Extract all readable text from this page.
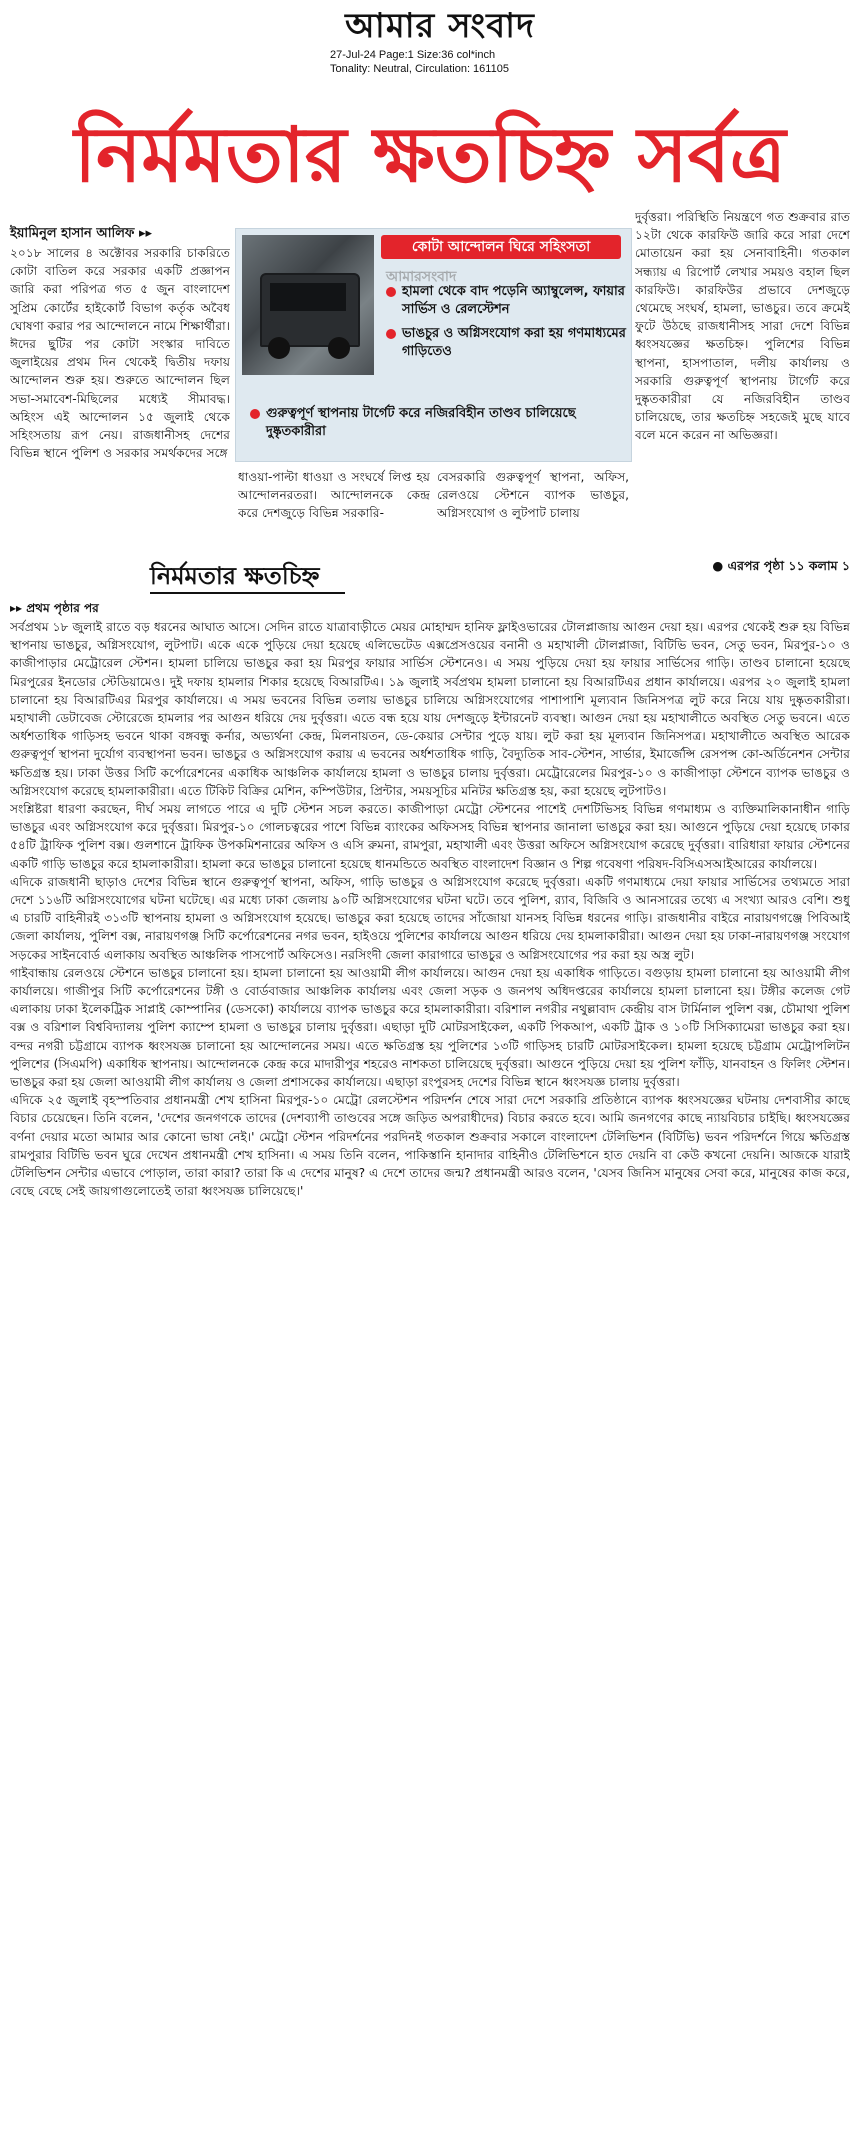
আমার সংবাদ
27-Jul-24 Page:1 Size:36 col*inch
Tonality: Neutral, Circulation: 161105
নির্মমতার ক্ষতচিহ্ন সর্বত্র
ইয়ামিনুল হাসান আলিফ ▸▸

২০১৮ সালের ৪ অক্টোবর সরকারি চাকরিতে কোটা বাতিল করে সরকার একটি প্রজ্ঞাপন জারি করা পরিপত্র গত ৫ জুন বাংলাদেশ সুপ্রিম কোর্টের হাইকোর্ট বিভাগ কর্তৃক অবৈধ ঘোষণা করার পর আন্দোলনে নামে শিক্ষার্থীরা। ঈদের ছুটির পর কোটা সংস্কার দাবিতে জুলাইয়ের প্রথম দিন থেকেই দ্বিতীয় দফায় আন্দোলন শুরু হয়। শুরুতে আন্দোলন ছিল সভা-সমাবেশ-মিছিলের মধ্যেই সীমাবদ্ধ। অহিংস এই আন্দোলন ১৫ জুলাই থেকে সহিংসতায় রূপ নেয়। রাজধানীসহ দেশের বিভিন্ন স্থানে পুলিশ ও সরকার সমর্থকদের সঙ্গে

কোটা আন্দোলন ঘিরে সহিংসতা
আমারসংবাদ
হামলা থেকে বাদ পড়েনি অ্যাম্বুলেন্স, ফায়ার সার্ভিস ও রেলস্টেশন
ভাঙচুর ও অগ্নিসংযোগ করা হয় গণমাধ্যমের গাড়িতেও
গুরুত্বপূর্ণ স্থাপনায় টার্গেট করে নজিরবিহীন তাণ্ডব চালিয়েছে দুষ্কৃতকারীরা

ধাওয়া-পাল্টা ধাওয়া ও সংঘর্ষে লিপ্ত হয় আন্দোলনরতরা। আন্দোলনকে কেন্দ্র করে দেশজুড়ে বিভিন্ন সরকারি-

বেসরকারি গুরুত্বপূর্ণ স্থাপনা, অফিস, রেলওয়ে স্টেশনে ব্যাপক ভাঙচুর, অগ্নিসংযোগ ও লুটপাট চালায়

দুর্বৃত্তরা। পরিস্থিতি নিয়ন্ত্রণে গত শুক্রবার রাত ১২টা থেকে কারফিউ জারি করে সারা দেশে মোতায়েন করা হয় সেনাবাহিনী। গতকাল সন্ধ্যায় এ রিপোর্ট লেখার সময়ও বহাল ছিল কারফিউ। কারফিউর প্রভাবে দেশজুড়ে থেমেছে সংঘর্ষ, হামলা, ভাঙচুর। তবে ক্রমেই ফুটে উঠছে রাজধানীসহ সারা দেশে বিভিন্ন ধ্বংসযজ্ঞের ক্ষতচিহ্ন। পুলিশের বিভিন্ন স্থাপনা, হাসপাতাল, দলীয় কার্যালয় ও সরকারি গুরুত্বপূর্ণ স্থাপনায় টার্গেট করে দুষ্কৃতকারীরা যে নজিরবিহীন তাণ্ডব চালিয়েছে, তার ক্ষতচিহ্ন সহজেই মুছে যাবে বলে মনে করেন না অভিজ্ঞরা।

● এরপর পৃষ্ঠা ১১ কলাম ১
নির্মমতার ক্ষতচিহ্ন
▸▸ প্রথম পৃষ্ঠার পর

সর্বপ্রথম ১৮ জুলাই রাতে বড় ধরনের আঘাত আসে। সেদিন রাতে যাত্রাবাড়ীতে মেয়র মোহাম্মদ হানিফ ফ্লাইওভারের টোলপ্লাজায় আগুন দেয়া হয়। এরপর থেকেই শুরু হয় বিভিন্ন স্থাপনায় ভাঙচুর, অগ্নিসংযোগ, লুটপাট। একে একে পুড়িয়ে দেয়া হয়েছে এলিভেটেড এক্সপ্রেসওয়ের বনানী ও মহাখালী টোলপ্লাজা, বিটিভি ভবন, সেতু ভবন, মিরপুর-১০ ও কাজীপাড়ার মেট্রোরেল স্টেশন। হামলা চালিয়ে ভাঙচুর করা হয় মিরপুর ফায়ার সার্ভিস স্টেশনেও। এ সময় পুড়িয়ে দেয়া হয় ফায়ার সার্ভিসের গাড়ি। তাণ্ডব চালানো হয়েছে মিরপুরের ইনডোর স্টেডিয়ামেও। দুই দফায় হামলার শিকার হয়েছে বিআরটিএ। ১৯ জুলাই সর্বপ্রথম হামলা চালানো হয় বিআরটিএর প্রধান কার্যালয়ে। এরপর ২০ জুলাই হামলা চালানো হয় বিআরটিএর মিরপুর কার্যালয়ে। এ সময় ভবনের বিভিন্ন তলায় ভাঙচুর চালিয়ে অগ্নিসংযোগের পাশাপাশি মূল্যবান জিনিসপত্র লুট করে নিয়ে যায় দুষ্কৃতকারীরা। মহাখালী ডেটাবেজ স্টোরেজে হামলার পর আগুন ধরিয়ে দেয় দুর্বৃত্তরা। এতে বন্ধ হয়ে যায় দেশজুড়ে ইন্টারনেট ব্যবস্থা। আগুন দেয়া হয় মহাখালীতে অবস্থিত সেতু ভবনে। এতে অর্ধশতাধিক গাড়িসহ ভবনে থাকা বঙ্গবন্ধু কর্নার, অভ্যর্থনা কেন্দ্র, মিলনায়তন, ডে-কেয়ার সেন্টার পুড়ে যায়। লুট করা হয় মূল্যবান জিনিসপত্র। মহাখালীতে অবস্থিত আরেক গুরুত্বপূর্ণ স্থাপনা দুর্যোগ ব্যবস্থাপনা ভবন। ভাঙচুর ও অগ্নিসংযোগ করায় এ ভবনের অর্ধশতাধিক গাড়ি, বৈদ্যুতিক সাব-স্টেশন, সার্ভার, ইমার্জেন্সি রেসপন্স কো-অর্ডিনেশন সেন্টার ক্ষতিগ্রস্ত হয়। ঢাকা উত্তর সিটি কর্পোরেশনের একাধিক আঞ্চলিক কার্যালয়ে হামলা ও ভাঙচুর চালায় দুর্বৃত্তরা। মেট্রোরেলের মিরপুর-১০ ও কাজীপাড়া স্টেশনে ব্যাপক ভাঙচুর ও অগ্নিসংযোগ করেছে হামলাকারীরা। এতে টিকিট বিক্রির মেশিন, কম্পিউটার, প্রিন্টার, সময়সূচির মনিটর ক্ষতিগ্রস্ত হয়, করা হয়েছে লুটপাটও।

সংশ্লিষ্টরা ধারণা করছেন, দীর্ঘ সময় লাগতে পারে এ দুটি স্টেশন সচল করতে। কাজীপাড়া মেট্রো স্টেশনের পাশেই দেশটিভিসহ বিভিন্ন গণমাধ্যম ও ব্যক্তিমালিকানাধীন গাড়ি ভাঙচুর এবং অগ্নিসংযোগ করে দুর্বৃত্তরা। মিরপুর-১০ গোলচত্বরের পাশে বিভিন্ন ব্যাংকের অফিসসহ বিভিন্ন স্থাপনার জানালা ভাঙচুর করা হয়। আগুনে পুড়িয়ে দেয়া হয়েছে ঢাকার ৫৪টি ট্রাফিক পুলিশ বক্স। গুলশানে ট্রাফিক উপকমিশনারের অফিস ও এসি রুমনা, রামপুরা, মহাখালী এবং উত্তরা অফিসে অগ্নিসংযোগ করেছে দুর্বৃত্তরা। বারিধারা ফায়ার স্টেশনের একটি গাড়ি ভাঙচুর করে হামলাকারীরা। হামলা করে ভাঙচুর চালানো হয়েছে ধানমন্ডিতে অবস্থিত বাংলাদেশ বিজ্ঞান ও শিল্প গবেষণা পরিষদ-বিসিএসআইআরের কার্যালয়ে।

এদিকে রাজধানী ছাড়াও দেশের বিভিন্ন স্থানে গুরুত্বপূর্ণ স্থাপনা, অফিস, গাড়ি ভাঙচুর ও অগ্নিসংযোগ করেছে দুর্বৃত্তরা। একটি গণমাধ্যমে দেয়া ফায়ার সার্ভিসের তথ্যমতে সারা দেশে ১১৬টি অগ্নিসংযোগের ঘটনা ঘটেছে। এর মধ্যে ঢাকা জেলায় ৯০টি অগ্নিসংযোগের ঘটনা ঘটে। তবে পুলিশ, র‍্যাব, বিজিবি ও আনসারের তথ্যে এ সংখ্যা আরও বেশি। শুধু এ চারটি বাহিনীরই ৩১৩টি স্থাপনায় হামলা ও অগ্নিসংযোগ হয়েছে। ভাঙচুর করা হয়েছে তাদের সাঁজোয়া যানসহ বিভিন্ন ধরনের গাড়ি। রাজধানীর বাইরে নারায়ণগঞ্জে পিবিআই জেলা কার্যালয়, পুলিশ বক্স, নারায়ণগঞ্জ সিটি কর্পোরেশনের নগর ভবন, হাইওয়ে পুলিশের কার্যালয়ে আগুন ধরিয়ে দেয় হামলাকারীরা। আগুন দেয়া হয় ঢাকা-নারায়ণগঞ্জ সংযোগ সড়কের সাইনবোর্ড এলাকায় অবস্থিত আঞ্চলিক পাসপোর্ট অফিসেও। নরসিংদী জেলা কারাগারে ভাঙচুর ও অগ্নিসংযোগের পর করা হয় অস্ত্র লুট।

গাইবান্ধায় রেলওয়ে স্টেশনে ভাঙচুর চালানো হয়। হামলা চালানো হয় আওয়ামী লীগ কার্যালয়ে। আগুন দেয়া হয় একাধিক গাড়িতে। বগুড়ায় হামলা চালানো হয় আওয়ামী লীগ কার্যালয়ে। গাজীপুর সিটি কর্পোরেশনের টঙ্গী ও বোর্ডবাজার আঞ্চলিক কার্যালয় এবং জেলা সড়ক ও জনপথ অধিদপ্তরের কার্যালয়ে হামলা চালানো হয়। টঙ্গীর কলেজ গেট এলাকায় ঢাকা ইলেকট্রিক সাপ্লাই কোম্পানির (ডেসকো) কার্যালয়ে ব্যাপক ভাঙচুর করে হামলাকারীরা। বরিশাল নগরীর নথুল্লাবাদ কেন্দ্রীয় বাস টার্মিনাল পুলিশ বক্স, চৌমাথা পুলিশ বক্স ও বরিশাল বিশ্ববিদ্যালয় পুলিশ ক্যাম্পে হামলা ও ভাঙচুর চালায় দুর্বৃত্তরা। এছাড়া দুটি মোটরসাইকেল, একটি পিকআপ, একটি ট্রাক ও ১০টি সিসিক্যামেরা ভাঙচুর করা হয়। বন্দর নগরী চট্টগ্রামে ব্যাপক ধ্বংসযজ্ঞ চালানো হয় আন্দোলনের সময়। এতে ক্ষতিগ্রস্ত হয় পুলিশের ১৩টি গাড়িসহ চারটি মোটরসাইকেল। হামলা হয়েছে চট্টগ্রাম মেট্রোপলিটন পুলিশের (সিএমপি) একাধিক স্থাপনায়। আন্দোলনকে কেন্দ্র করে মাদারীপুর শহরেও নাশকতা চালিয়েছে দুর্বৃত্তরা। আগুনে পুড়িয়ে দেয়া হয় পুলিশ ফাঁড়ি, যানবাহন ও ফিলিং স্টেশন। ভাঙচুর করা হয় জেলা আওয়ামী লীগ কার্যালয় ও জেলা প্রশাসকের কার্যালয়ে। এছাড়া রংপুরসহ দেশের বিভিন্ন স্থানে ধ্বংসযজ্ঞ চালায় দুর্বৃত্তরা।

এদিকে ২৫ জুলাই বৃহস্পতিবার প্রধানমন্ত্রী শেখ হাসিনা মিরপুর-১০ মেট্রো রেলস্টেশন পরিদর্শন শেষে সারা দেশে সরকারি প্রতিষ্ঠানে ব্যাপক ধ্বংসযজ্ঞের ঘটনায় দেশবাসীর কাছে বিচার চেয়েছেন। তিনি বলেন, 'দেশের জনগণকে তাদের (দেশব্যাপী তাণ্ডবের সঙ্গে জড়িত অপরাধীদের) বিচার করতে হবে। আমি জনগণের কাছে ন্যায়বিচার চাইছি। ধ্বংসযজ্ঞের বর্ণনা দেয়ার মতো আমার আর কোনো ভাষা নেই।' মেট্রো স্টেশন পরিদর্শনের পরদিনই গতকাল শুক্রবার সকালে বাংলাদেশ টেলিভিশন (বিটিভি) ভবন পরিদর্শনে গিয়ে ক্ষতিগ্রস্ত রামপুরার বিটিভি ভবন ঘুরে দেখেন প্রধানমন্ত্রী শেখ হাসিনা। এ সময় তিনি বলেন, পাকিস্তানি হানাদার বাহিনীও টেলিভিশনে হাত দেয়নি বা কেউ কখনো দেয়নি। আজকে যারাই টেলিভিশন সেন্টার এভাবে পোড়াল, তারা কারা? তারা কি এ দেশের মানুষ? এ দেশে তাদের জন্ম? প্রধানমন্ত্রী আরও বলেন, 'যেসব জিনিস মানুষের সেবা করে, মানুষের কাজ করে, বেছে বেছে সেই জায়গাগুলোতেই তারা ধ্বংসযজ্ঞ চালিয়েছে।'
